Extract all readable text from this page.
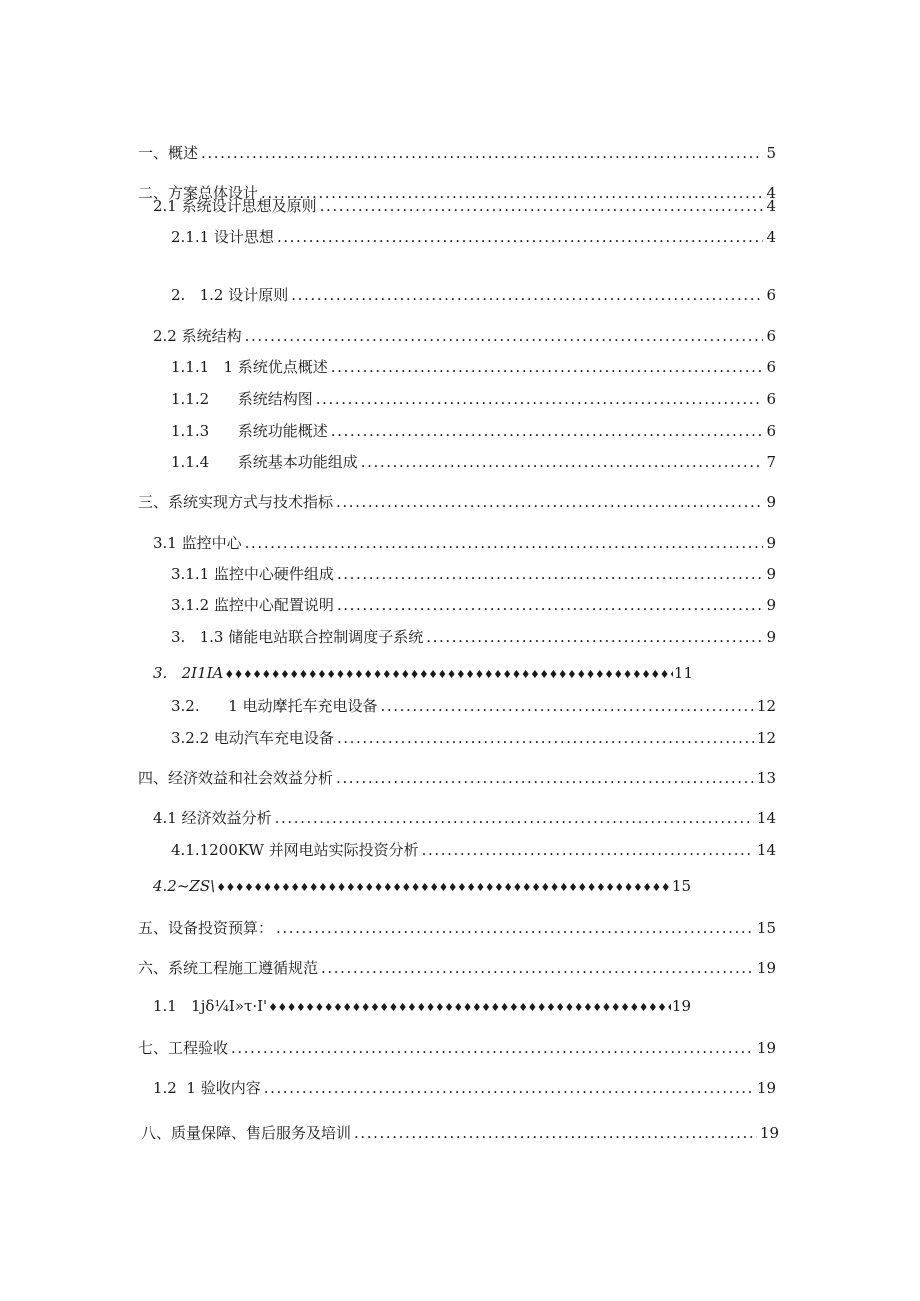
一、概述 .....	5
二、方案总体设计 .....	4
2.1 系统设计思想及原则 .....	4
2.1.1 设计思想 .....	4
2.   1.2 设计原则 .....	6
2.2 系统结构 .....	6
1.1.1   1 系统优点概述 .....	6
1.1.2      系统结构图 .....	6
1.1.3      系统功能概述 .....	6
1.1.4      系统基本功能组成 .....	7
三、系统实现方式与技术指标 .....	9
3.1 监控中心 .....	9
3.1.1 监控中心硬件组成 .....	9
3.1.2 监控中心配置说明 .....	9
3.   1.3 储能电站联合控制调度子系统 .....	9
3.   2I1IA ♦♦♦♦♦♦♦♦♦♦♦♦♦♦♦♦♦♦♦♦♦♦♦♦♦♦♦♦♦♦♦♦♦♦♦♦♦♦♦♦♦♦♦♦♦♦♦♦♦♦♦♦♦♦♦♦♦♦♦♦♦♦♦♦♦♦♦♦♦♦♦♦♦♦♦♦♦♦♦♦	11
3.2.      1 电动摩托车充电设备 .....	12
3.2.2 电动汽车充电设备 .....	12
四、经济效益和社会效益分析 .....	13
4.1 经济效益分析 .....	14
4.1.1200KW 并网电站实际投资分析 .....	14
4.2~ZS\ ♦♦♦♦♦♦♦♦♦♦♦♦♦♦♦♦♦♦♦♦♦♦♦♦♦♦♦♦♦♦♦♦♦♦♦♦♦♦♦♦♦♦♦♦♦♦♦♦♦♦♦♦♦♦♦♦♦♦♦♦♦♦♦♦♦♦♦♦♦♦♦♦♦♦♦♦♦♦♦♦	15
五、设备投资预算： .....	15
六、系统工程施工遵循规范 .....	19
1.1   1jδ¼I»τ·I' ♦♦♦♦♦♦♦♦♦♦♦♦♦♦♦♦♦♦♦♦♦♦♦♦♦♦♦♦♦♦♦♦♦♦♦♦♦♦♦♦♦♦♦♦♦♦♦♦♦♦♦♦♦♦♦♦♦♦♦♦♦♦♦♦♦♦♦♦♦♦♦♦♦♦♦♦♦♦♦♦	19
七、工程验收 .....	19
1.2  1 验收内容 .....	19
八、质量保障、售后服务及培训 .....	19
